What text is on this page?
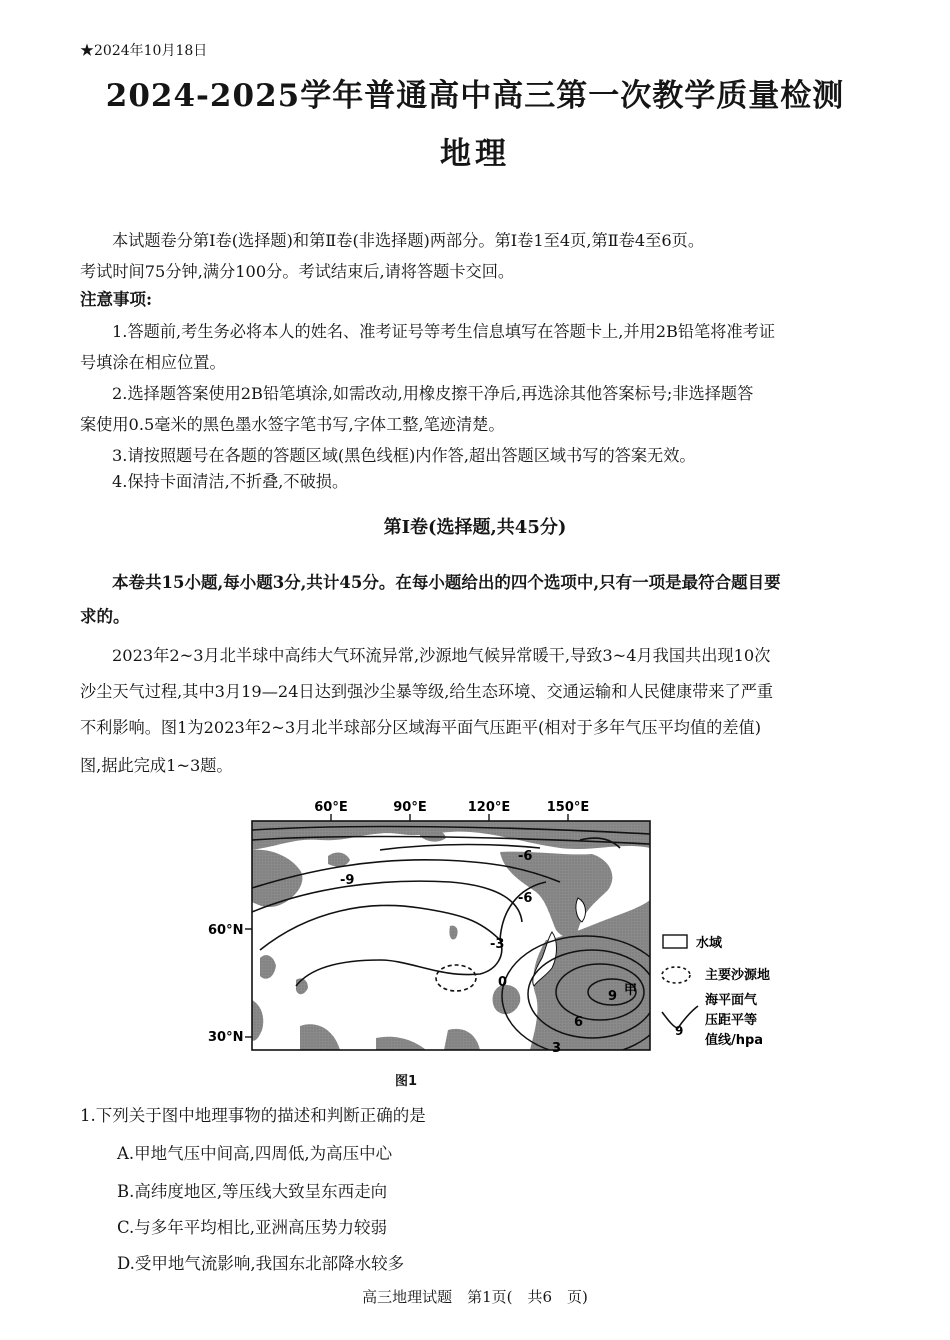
★2024年10月18日
2024-2025学年普通高中高三第一次教学质量检测
地理
本试题卷分第Ⅰ卷(选择题)和第Ⅱ卷(非选择题)两部分。第Ⅰ卷1至4页,第Ⅱ卷4至6页。
考试时间75分钟,满分100分。考试结束后,请将答题卡交回。
注意事项:
1.答题前,考生务必将本人的姓名、准考证号等考生信息填写在答题卡上,并用2B铅笔将准考证
号填涂在相应位置。
2.选择题答案使用2B铅笔填涂,如需改动,用橡皮擦干净后,再选涂其他答案标号;非选择题答
案使用0.5毫米的黑色墨水签字笔书写,字体工整,笔迹清楚。
3.请按照题号在各题的答题区域(黑色线框)内作答,超出答题区域书写的答案无效。
4.保持卡面清洁,不折叠,不破损。
第Ⅰ卷(选择题,共45分)
本卷共15小题,每小题3分,共计45分。在每小题给出的四个选项中,只有一项是最符合题目要
求的。
2023年2~3月北半球中高纬大气环流异常,沙源地气候异常暖干,导致3~4月我国共出现10次
沙尘天气过程,其中3月19—24日达到强沙尘暴等级,给生态环境、交通运输和人民健康带来了严重
不利影响。图1为2023年2~3月北半球部分区域海平面气压距平(相对于多年气压平均值的差值)
图,据此完成1~3题。
60°E	90°E	120°E	150°E
60°N
30°N
-9
-6
-6
-3
0
3
6
9 甲
水域
主要沙源地
9
海平面气
压距平等
值线/hpa
图1
1.下列关于图中地理事物的描述和判断正确的是
A.甲地气压中间高,四周低,为高压中心
B.高纬度地区,等压线大致呈东西走向
C.与多年平均相比,亚洲高压势力较弱
D.受甲地气流影响,我国东北部降水较多
高三地理试题　第1页(　共6　页)
